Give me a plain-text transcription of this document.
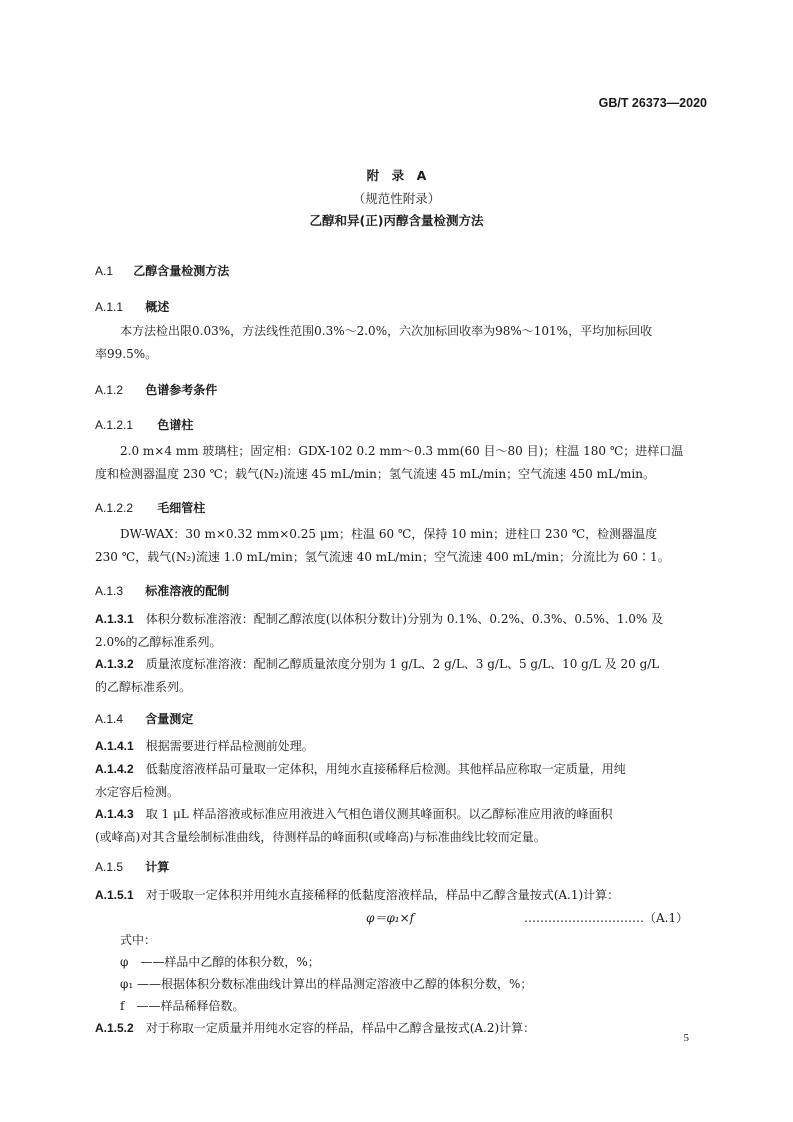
GB/T 26373—2020
附　录　A
（规范性附录）
乙醇和异(正)丙醇含量检测方法
A.1 乙醇含量检测方法
A.1.1 概述
本方法检出限0.03%，方法线性范围0.3%～2.0%，六次加标回收率为98%～101%，平均加标回收
率99.5%。
A.1.2 色谱参考条件
A.1.2.1 色谱柱
2.0 m×4 mm 玻璃柱；固定相：GDX-102 0.2 mm～0.3 mm(60 目～80 目)；柱温 180 ℃；进样口温
度和检测器温度 230 ℃；载气(N₂)流速 45 mL/min；氢气流速 45 mL/min；空气流速 450 mL/min。
A.1.2.2 毛细管柱
DW-WAX：30 m×0.32 mm×0.25 μm；柱温 60 ℃，保持 10 min；进柱口 230 ℃，检测器温度
230 ℃，载气(N₂)流速 1.0 mL/min；氢气流速 40 mL/min；空气流速 400 mL/min；分流比为 60∶1。
A.1.3 标准溶液的配制
A.1.3.1 体积分数标准溶液：配制乙醇浓度(以体积分数计)分别为 0.1%、0.2%、0.3%、0.5%、1.0% 及
2.0%的乙醇标准系列。
A.1.3.2 质量浓度标准溶液：配制乙醇质量浓度分别为 1 g/L、2 g/L、3 g/L、5 g/L、10 g/L 及 20 g/L
的乙醇标准系列。
A.1.4 含量测定
A.1.4.1 根据需要进行样品检测前处理。
A.1.4.2 低黏度溶液样品可量取一定体积，用纯水直接稀释后检测。其他样品应称取一定质量，用纯
水定容后检测。
A.1.4.3 取 1 μL 样品溶液或标准应用液进入气相色谱仪测其峰面积。以乙醇标准应用液的峰面积
(或峰高)对其含量绘制标准曲线，待测样品的峰面积(或峰高)与标准曲线比较而定量。
A.1.5 计算
A.1.5.1 对于吸取一定体积并用纯水直接稀释的低黏度溶液样品，样品中乙醇含量按式(A.1)计算：
φ＝φ₁×f	…………………………（A.1）
式中：
φ　——样品中乙醇的体积分数，%；
φ₁ ——根据体积分数标准曲线计算出的样品测定溶液中乙醇的体积分数，%；
f　——样品稀释倍数。
A.1.5.2 对于称取一定质量并用纯水定容的样品，样品中乙醇含量按式(A.2)计算：
5
